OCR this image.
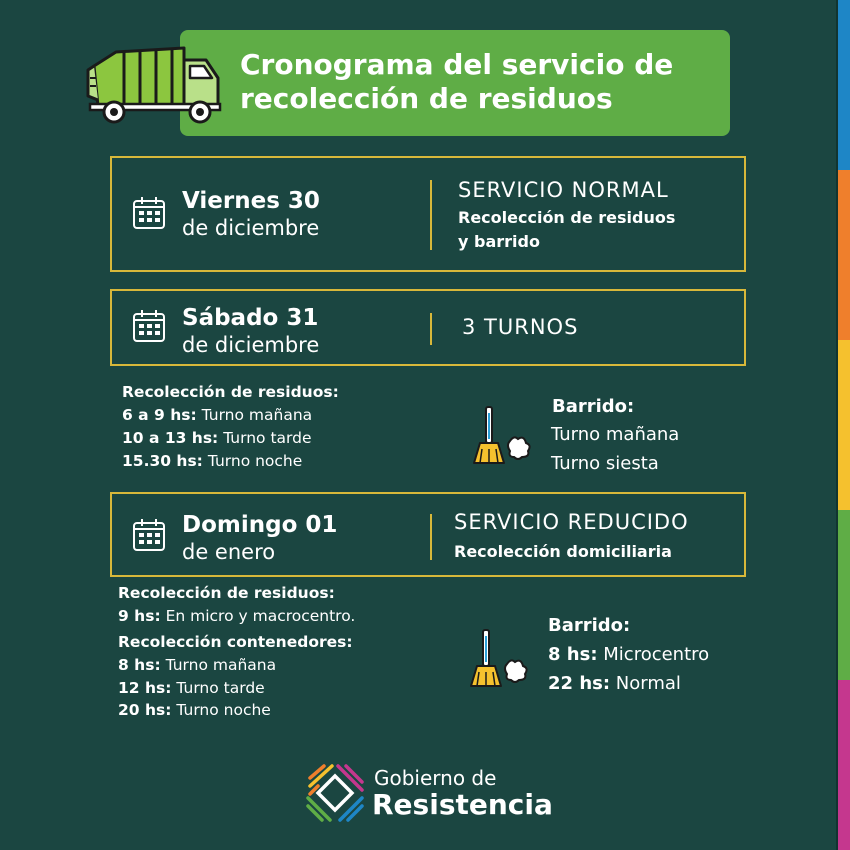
Cronograma del servicio de
recolección de residuos
Viernes 30
de diciembre
SERVICIO NORMAL
Recolección de residuos
y barrido
Sábado 31
de diciembre
3 TURNOS
Recolección de residuos:
6 a 9 hs: Turno mañana
10 a 13 hs: Turno tarde
15.30 hs: Turno noche
Barrido:
Turno mañana
Turno siesta
Domingo 01
de enero
SERVICIO REDUCIDO
Recolección domiciliaria
Recolección de residuos:
9 hs: En micro y macrocentro.
Recolección contenedores:
8 hs: Turno mañana
12 hs: Turno tarde
20 hs: Turno noche
Barrido:
8 hs: Microcentro
22 hs: Normal
Gobierno de
Resistencia
